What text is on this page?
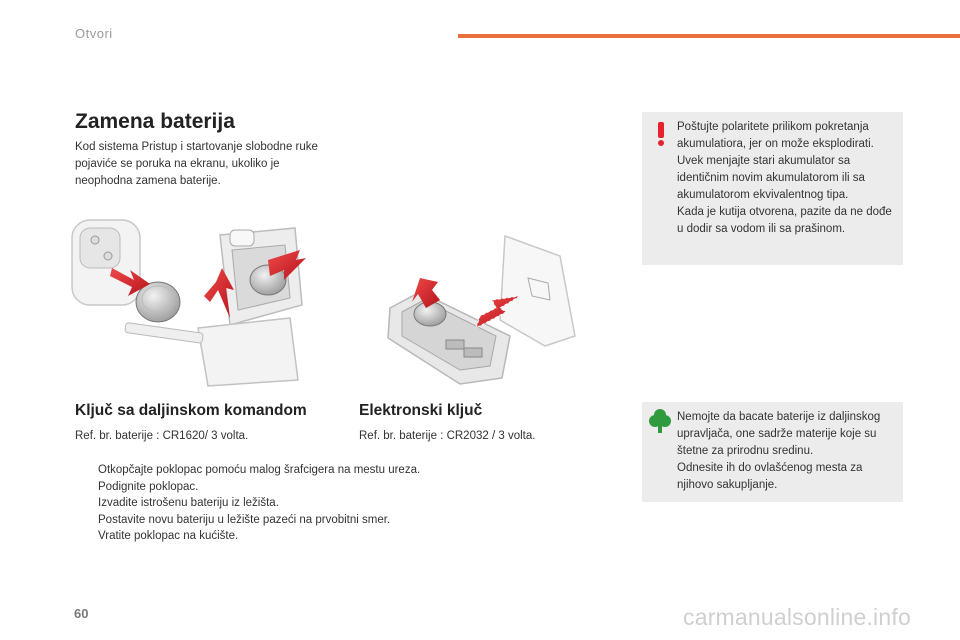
Otvori
Zamena baterija

Kod sistema Pristup i startovanje slobodne ruke pojaviće se poruka na ekranu, ukoliko je neophodna zamena baterije.

Ključ sa daljinskom komandom

Ref. br. baterije : CR1620/ 3 volta.

Elektronski ključ

Ref. br. baterije : CR2032 / 3 volta.

Otkopčajte poklopac pomoću malog šrafcigera na mestu ureza.
Podignite poklopac.
Izvadite istrošenu bateriju iz ležišta.
Postavite novu bateriju u ležište pazeći na prvobitni smer.
Vratite poklopac na kućište.

Poštujte polaritete prilikom pokretanja akumulatiora, jer on može eksplodirati.

Uvek menjajte stari akumulator sa identičnim novim akumulatorom ili sa akumulatorom ekvivalentnog tipa.

Kada je kutija otvorena, pazite da ne dođe u dodir sa vodom ili sa prašinom.

Nemojte da bacate baterije iz daljinskog upravljača, one sadrže materije koje su štetne za prirodnu sredinu.

Odnesite ih do ovlašćenog mesta za njihovo sakupljanje.

60	carmanualsonline.info
